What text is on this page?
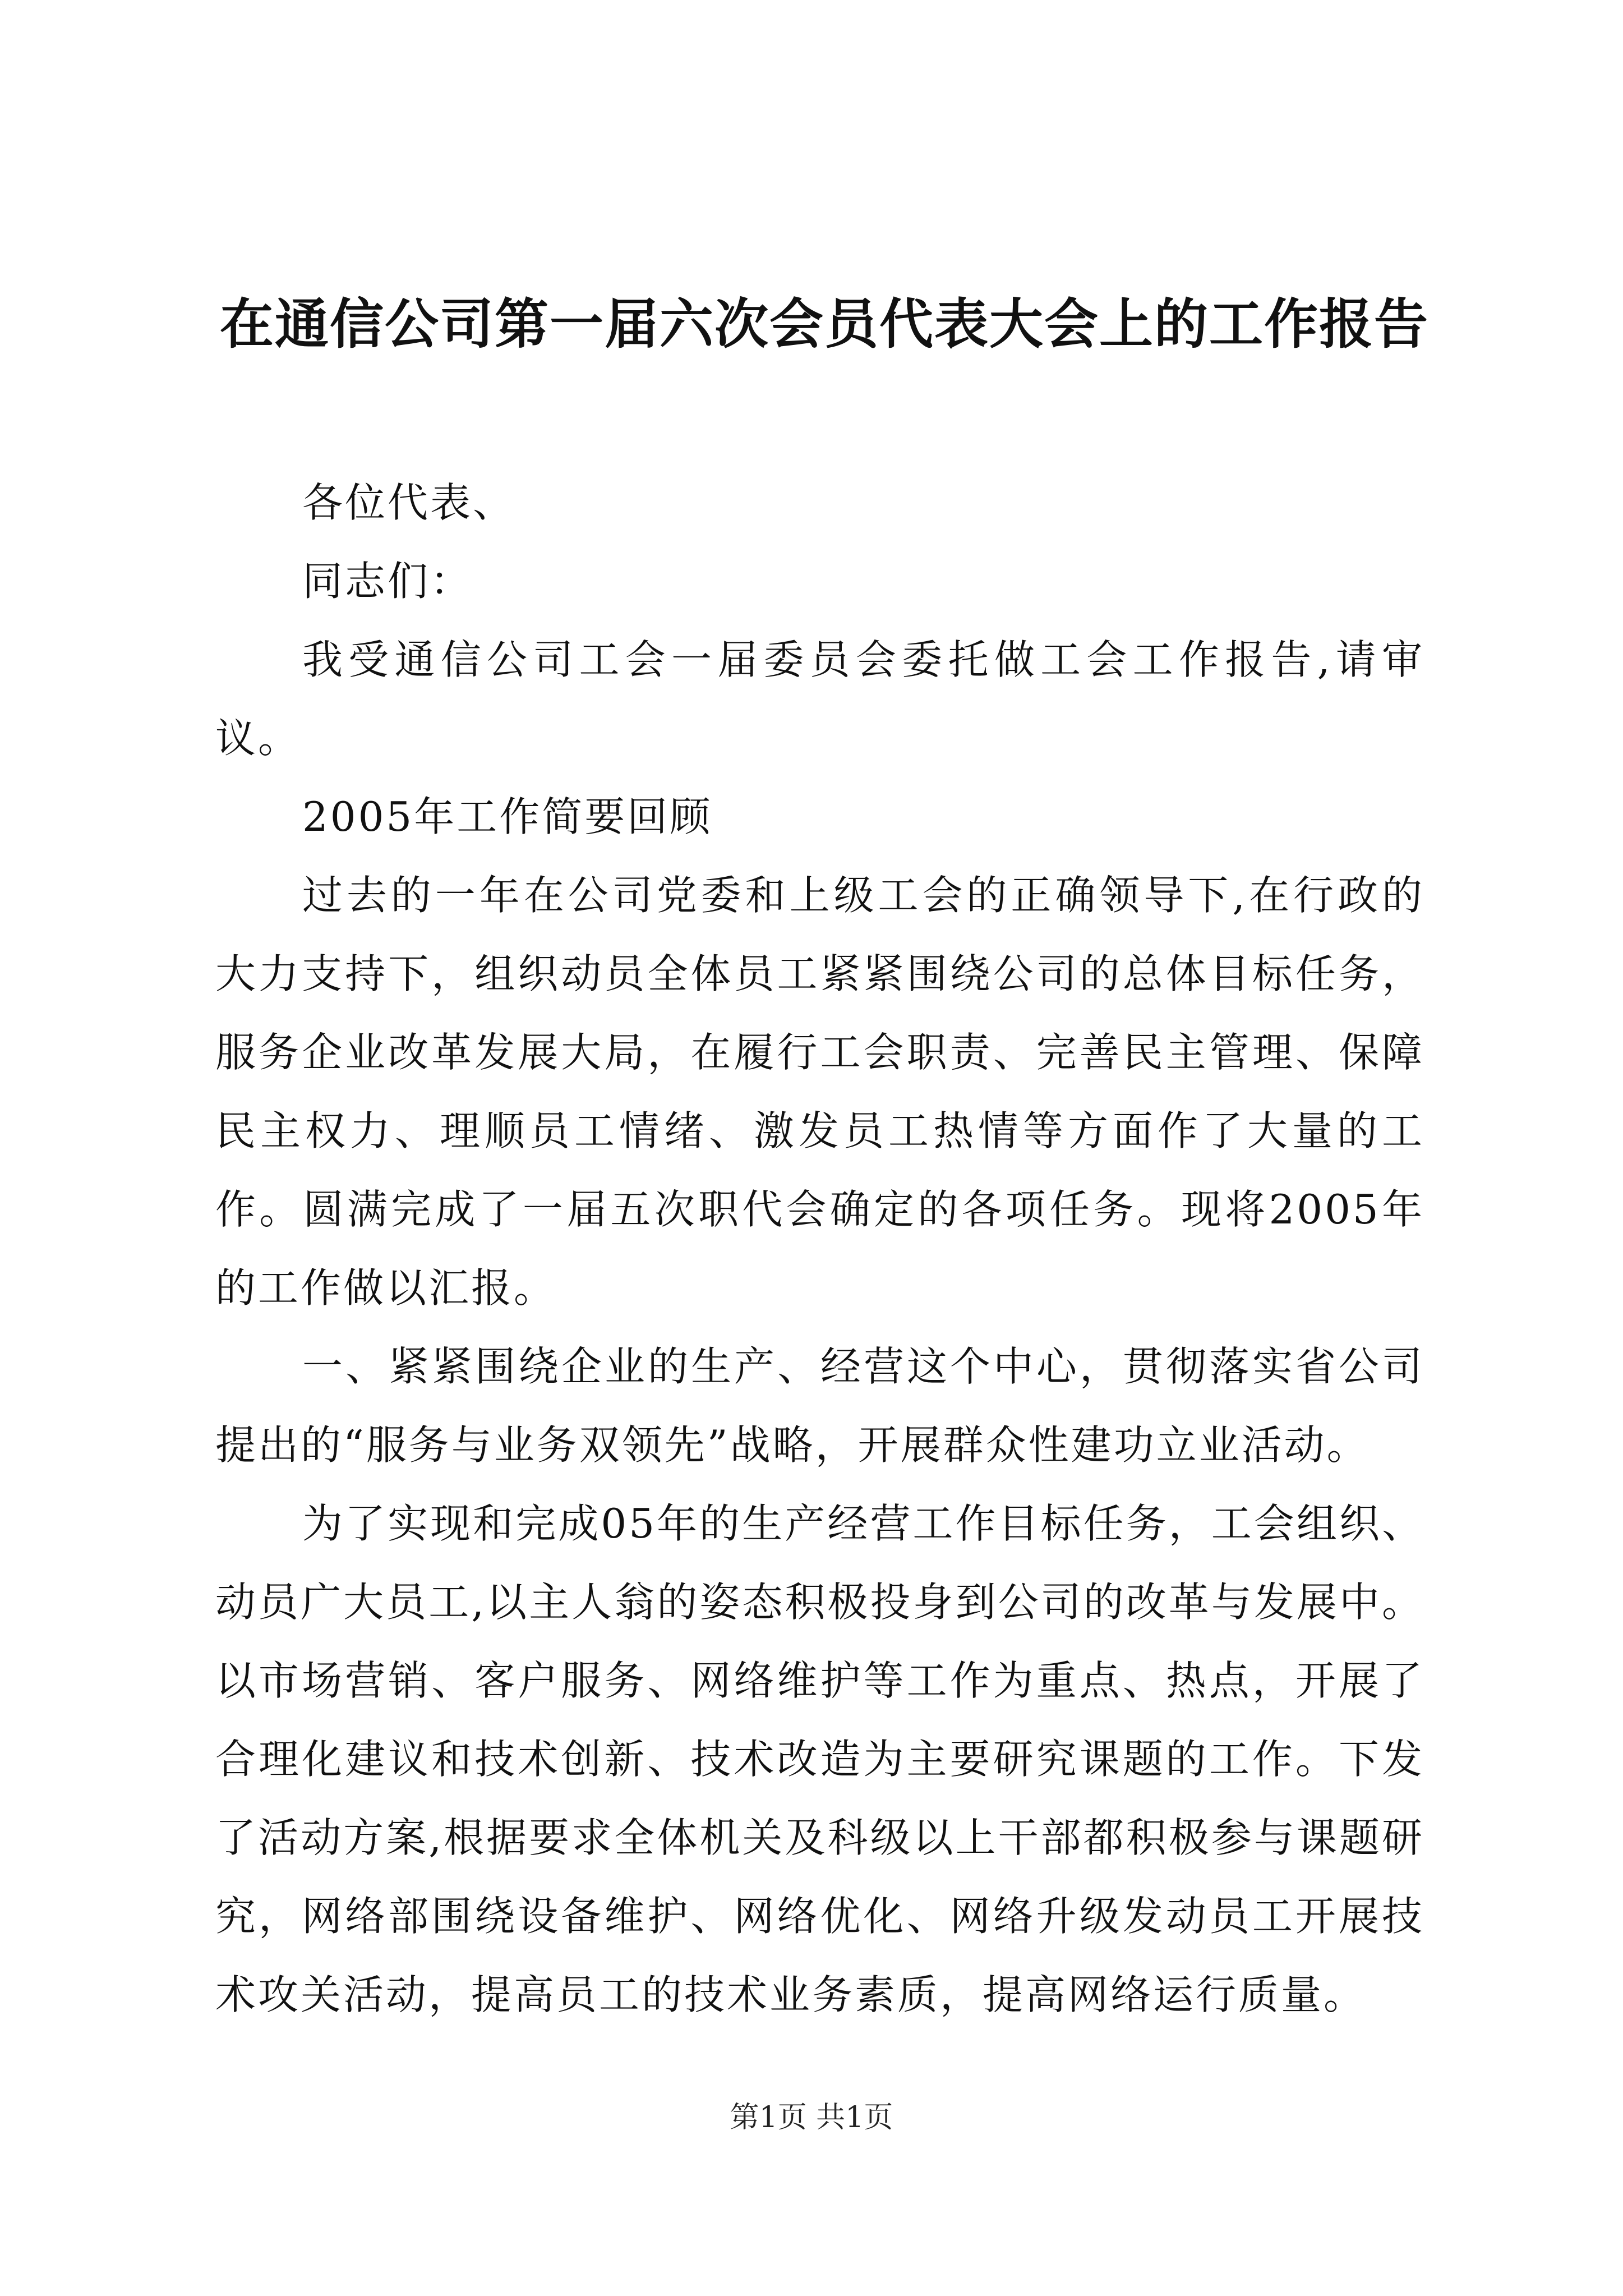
在通信公司第一届六次会员代表大会上的工作报告

各位代表、

同志们：

我受通信公司工会一届委员会委托做工会工作报告,请审议。

2005年工作简要回顾

过去的一年在公司党委和上级工会的正确领导下,在行政的大力支持下，组织动员全体员工紧紧围绕公司的总体目标任务，服务企业改革发展大局，在履行工会职责、完善民主管理、保障民主权力、理顺员工情绪、激发员工热情等方面作了大量的工作。圆满完成了一届五次职代会确定的各项任务。现将2005年的工作做以汇报。

一、紧紧围绕企业的生产、经营这个中心，贯彻落实省公司提出的“服务与业务双领先”战略，开展群众性建功立业活动。

为了实现和完成05年的生产经营工作目标任务，工会组织、动员广大员工,以主人翁的姿态积极投身到公司的改革与发展中。以市场营销、客户服务、网络维护等工作为重点、热点，开展了合理化建议和技术创新、技术改造为主要研究课题的工作。下发了活动方案,根据要求全体机关及科级以上干部都积极参与课题研究，网络部围绕设备维护、网络优化、网络升级发动员工开展技术攻关活动，提高员工的技术业务素质，提高网络运行质量。

第1页 共1页
